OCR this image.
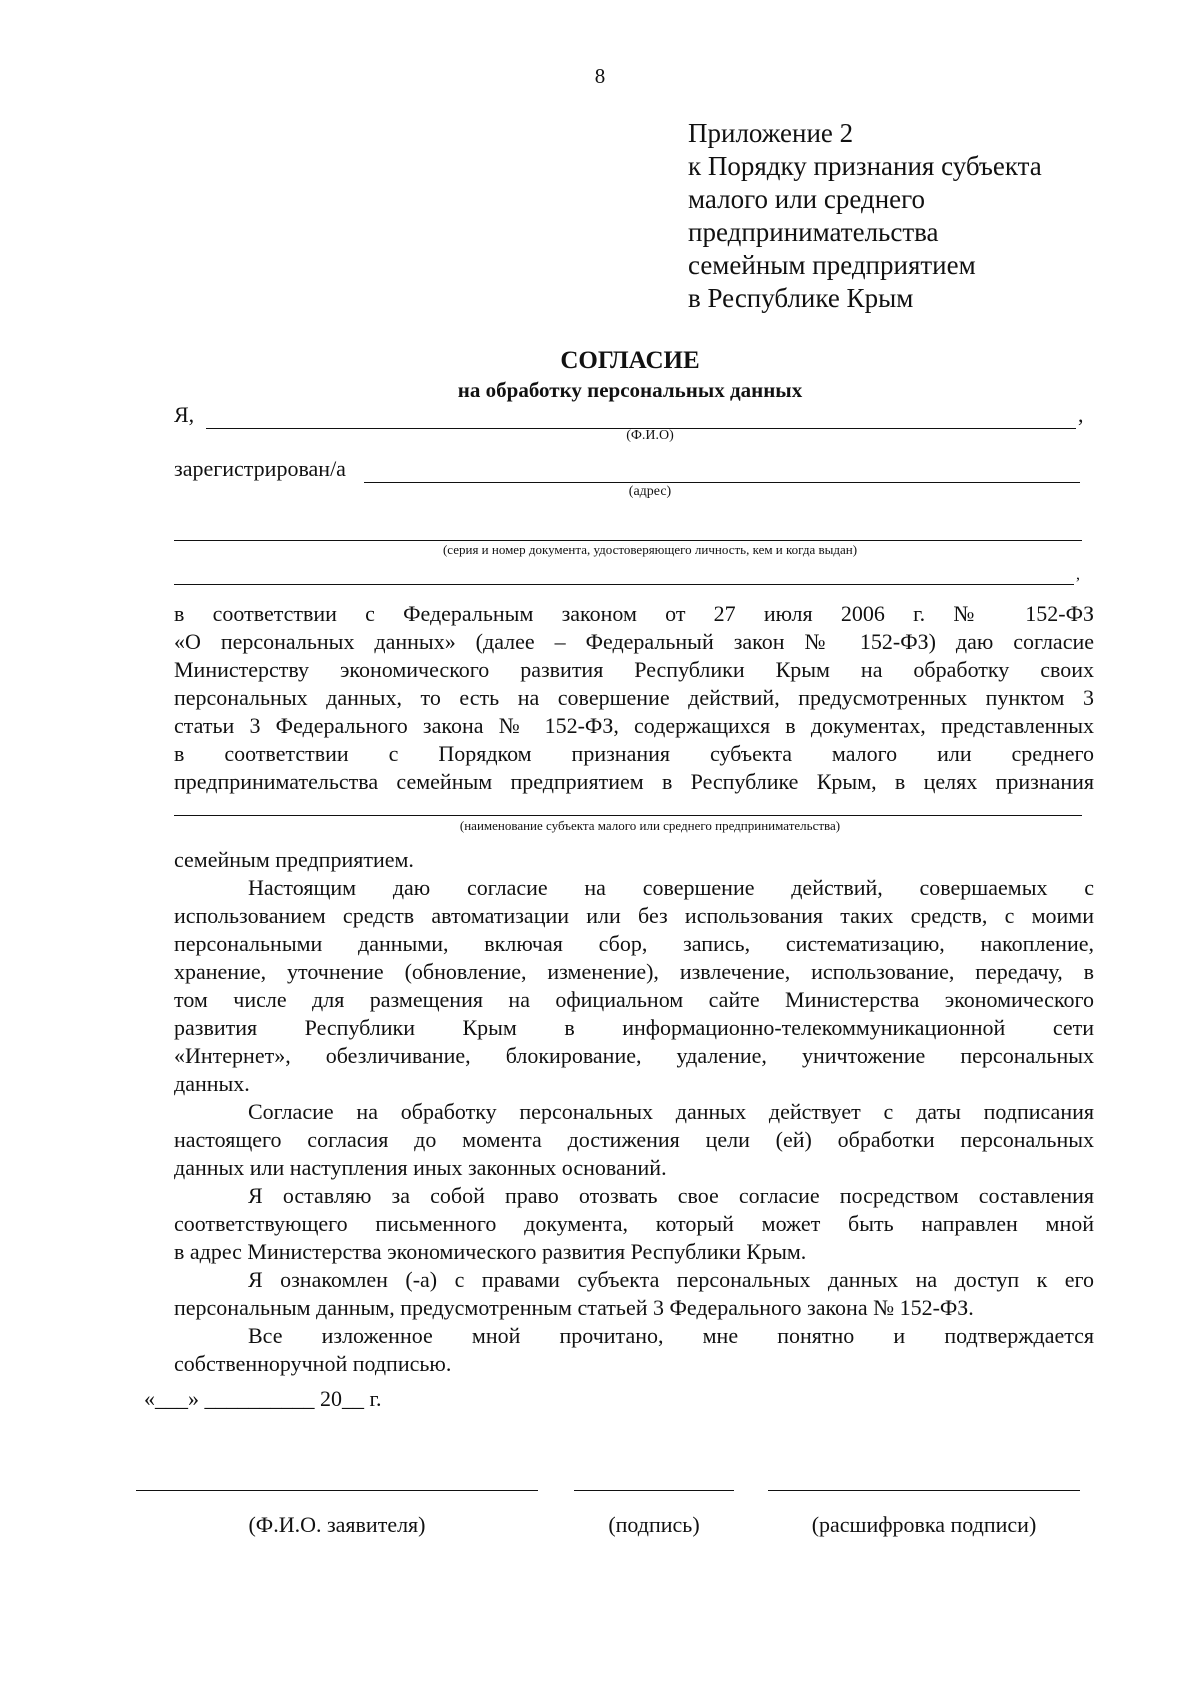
8
Приложение 2
к Порядку признания субъекта
малого или среднего
предпринимательства
семейным предприятием
в Республике Крым
СОГЛАСИЕ
на обработку персональных данных
Я,	,
(Ф.И.О)
зарегистрирован/а
(адрес)
(серия и номер документа, удостоверяющего личность, кем и когда выдан)
,
в соответствии с Федеральным законом от 27 июля 2006 г. № 152-ФЗ
«О персональных данных» (далее – Федеральный закон № 152-ФЗ) даю согласие
Министерству экономического развития Республики Крым на обработку своих
персональных данных, то есть на совершение действий, предусмотренных пунктом 3
статьи 3 Федерального закона № 152-ФЗ, содержащихся в документах, представленных
в соответствии с Порядком признания субъекта малого или среднего
предпринимательства семейным предприятием в Республике Крым, в целях признания
(наименование субъекта малого или среднего предпринимательства)
семейным предприятием.
Настоящим даю согласие на совершение действий, совершаемых с
использованием средств автоматизации или без использования таких средств, с моими
персональными данными, включая сбор, запись, систематизацию, накопление,
хранение, уточнение (обновление, изменение), извлечение, использование, передачу, в
том числе для размещения на официальном сайте Министерства экономического
развития Республики Крым в информационно-телекоммуникационной сети
«Интернет», обезличивание, блокирование, удаление, уничтожение персональных
данных.
Согласие на обработку персональных данных действует с даты подписания
настоящего согласия до момента достижения цели (ей) обработки персональных
данных или наступления иных законных оснований.
Я оставляю за собой право отозвать свое согласие посредством составления
соответствующего письменного документа, который может быть направлен мной
в адрес Министерства экономического развития Республики Крым.
Я ознакомлен (-а) с правами субъекта персональных данных на доступ к его
персональным данным, предусмотренным статьей 3 Федерального закона № 152-ФЗ.
Все изложенное мной прочитано, мне понятно и подтверждается
собственноручной подписью.
«___» __________ 20__ г.
(Ф.И.О. заявителя)	(подпись)	(расшифровка подписи)
